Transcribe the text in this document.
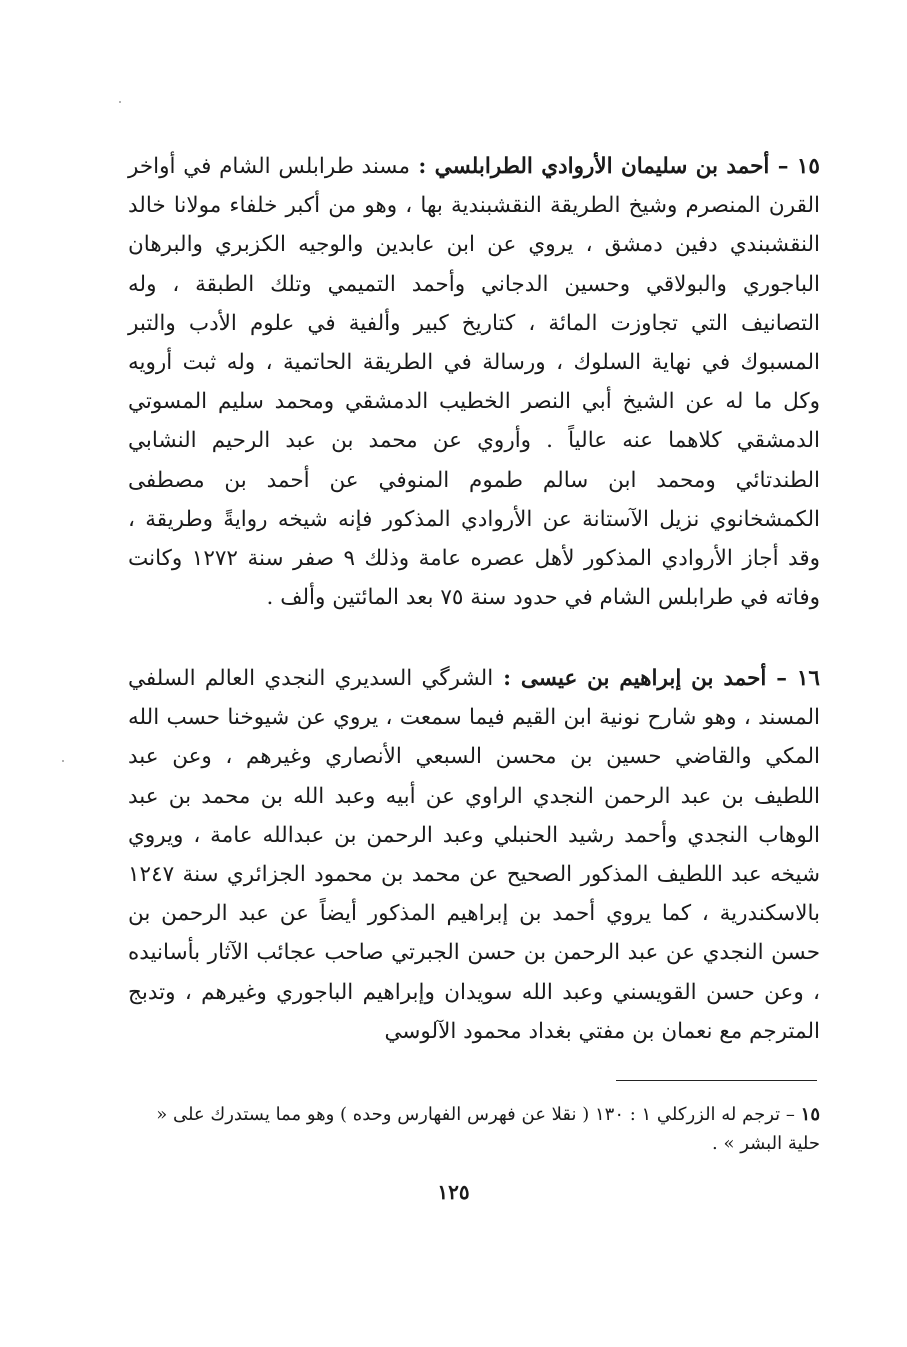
١٥ – أحمد بن سليمان الأروادي الطرابلسي : مسند طرابلس الشام في أواخر القرن المنصرم وشيخ الطريقة النقشبندية بها ، وهو من أكبر خلفاء مولانا خالد النقشبندي دفين دمشق ، يروي عن ابن عابدين والوجيه الكزبري والبرهان الباجوري والبولاقي وحسين الدجاني وأحمد التميمي وتلك الطبقة ، وله التصانيف التي تجاوزت المائة ، كتاريخ كبير وألفية في علوم الأدب والتبر المسبوك في نهاية السلوك ، ورسالة في الطريقة الحاتمية ، وله ثبت أرويه وكل ما له عن الشيخ أبي النصر الخطيب الدمشقي ومحمد سليم المسوتي الدمشقي كلاهما عنه عالياً . وأروي عن محمد بن عبد الرحيم النشابي الطندتائي ومحمد ابن سالم طموم المنوفي عن أحمد بن مصطفى الكمشخانوي نزيل الآستانة عن الأروادي المذكور فإنه شيخه روايةً وطريقة ، وقد أجاز الأروادي المذكور لأهل عصره عامة وذلك ٩ صفر سنة ١٢٧٢ وكانت وفاته في طرابلس الشام في حدود سنة ٧٥ بعد المائتين وألف .

١٦ – أحمد بن إبراهيم بن عيسى : الشرگي السديري النجدي العالم السلفي المسند ، وهو شارح نونية ابن القيم فيما سمعت ، يروي عن شيوخنا حسب الله المكي والقاضي حسين بن محسن السبعي الأنصاري وغيرهم ، وعن عبد اللطيف بن عبد الرحمن النجدي الراوي عن أبيه وعبد الله بن محمد بن عبد الوهاب النجدي وأحمد رشيد الحنبلي وعبد الرحمن بن عبدالله عامة ، ويروي شيخه عبد اللطيف المذكور الصحيح عن محمد بن محمود الجزائري سنة ١٢٤٧ بالاسكندرية ، كما يروي أحمد بن إبراهيم المذكور أيضاً عن عبد الرحمن بن حسن النجدي عن عبد الرحمن بن حسن الجبرتي صاحب عجائب الآثار بأسانيده ، وعن حسن القويسني وعبد الله سويدان وإبراهيم الباجوري وغيرهم ، وتدبج المترجم مع نعمان بن مفتي بغداد محمود الآلوسي

١٥ – ترجم له الزركلي ١ : ١٣٠ ( نقلا عن فهرس الفهارس وحده ) وهو مما يستدرك على « حلية البشر » .

١٢٥
